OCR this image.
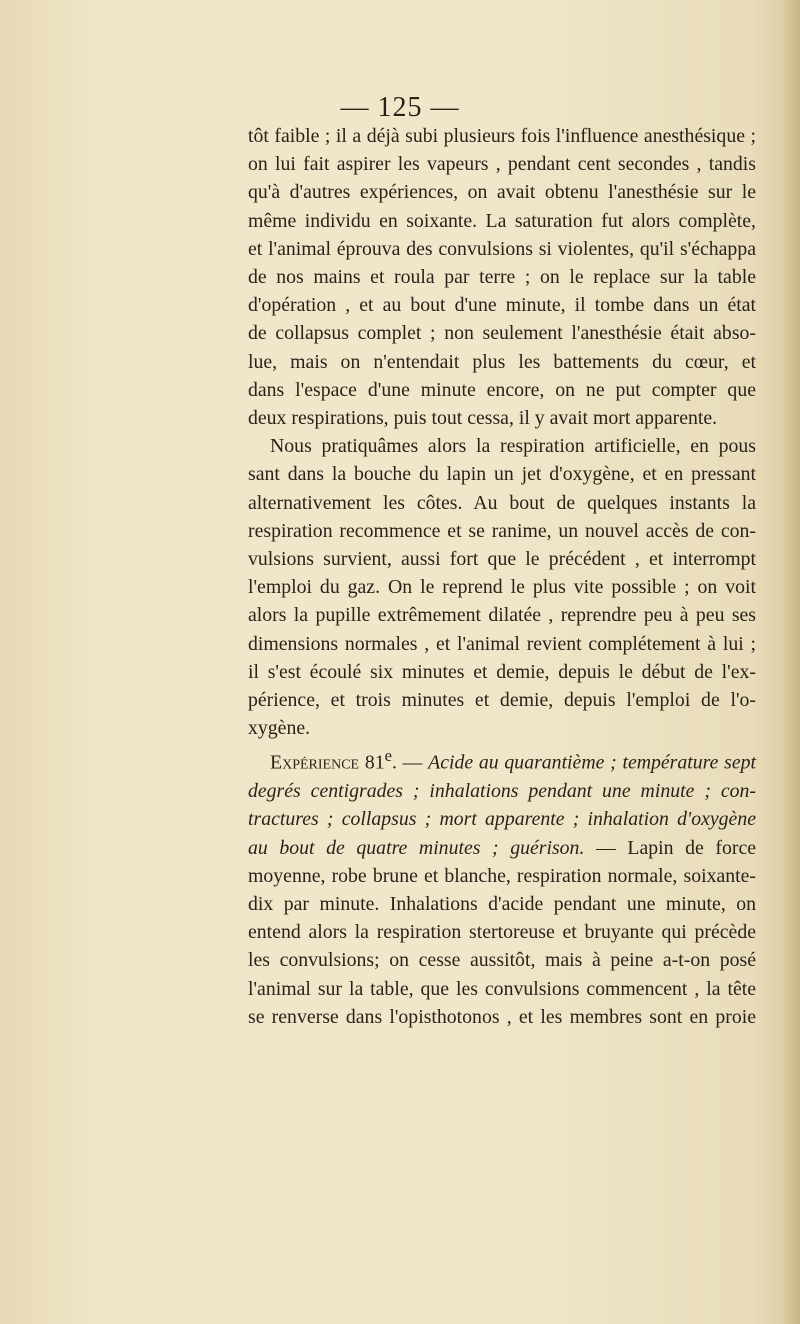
— 125 —
tôt faible ; il a déjà subi plusieurs fois l'influence anesthésique ;
on lui fait aspirer les vapeurs , pendant cent secondes , tandis
qu'à d'autres expériences, on avait obtenu l'anesthésie sur le
même individu en soixante. La saturation fut alors complète,
et l'animal éprouva des convulsions si violentes, qu'il s'échappa
de nos mains et roula par terre ; on le replace sur la table
d'opération , et au bout d'une minute, il tombe dans un état
de collapsus complet ; non seulement l'anesthésie était abso-
lue, mais on n'entendait plus les battements du cœur, et
dans l'espace d'une minute encore, on ne put compter que
deux respirations, puis tout cessa, il y avait mort apparente.
Nous pratiquâmes alors la respiration artificielle, en pous
sant dans la bouche du lapin un jet d'oxygène, et en pressant
alternativement les côtes. Au bout de quelques instants la
respiration recommence et se ranime, un nouvel accès de con-
vulsions survient, aussi fort que le précédent , et interrompt
l'emploi du gaz. On le reprend le plus vite possible ; on voit
alors la pupille extrêmement dilatée , reprendre peu à peu ses
dimensions normales , et l'animal revient complétement à lui ;
il s'est écoulé six minutes et demie, depuis le début de l'ex-
périence, et trois minutes et demie, depuis l'emploi de l'o-
xygène.
Expérience 81e. — Acide au quarantième ; température sept
degrés centigrades ; inhalations pendant une minute ; con-
tractures ; collapsus ; mort apparente ; inhalation d'oxygène
au bout de quatre minutes ; guérison. — Lapin de force
moyenne, robe brune et blanche, respiration normale, soixante-
dix par minute. Inhalations d'acide pendant une minute, on
entend alors la respiration stertoreuse et bruyante qui précède
les convulsions; on cesse aussitôt, mais à peine a-t-on posé
l'animal sur la table, que les convulsions commencent , la tête
se renverse dans l'opisthotonos , et les membres sont en proie
